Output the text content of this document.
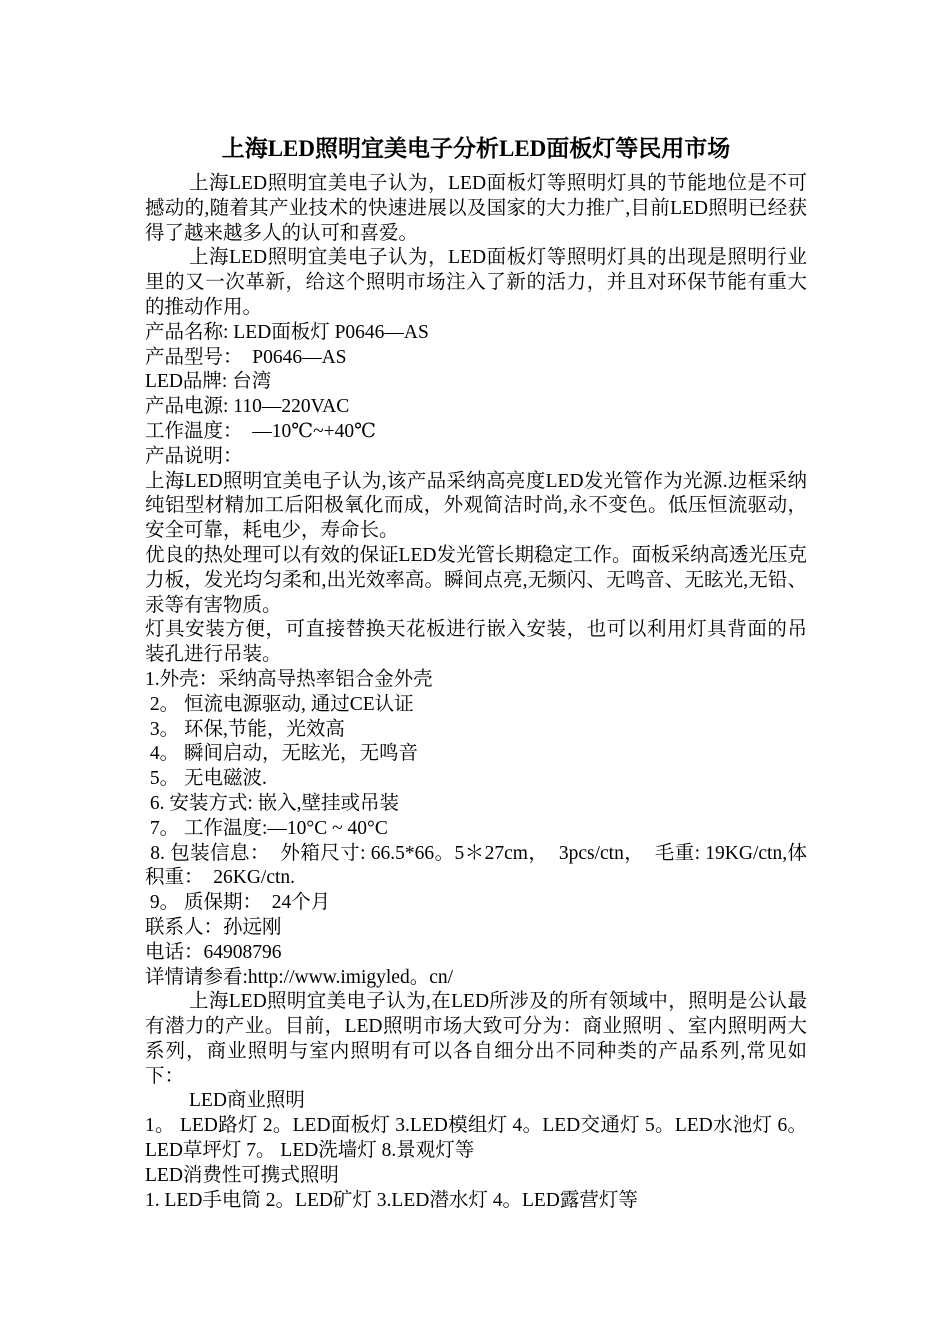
上海LED照明宜美电子分析LED面板灯等民用市场

上海LED照明宜美电子认为，LED面板灯等照明灯具的节能地位是不可撼动的,随着其产业技术的快速进展以及国家的大力推广,目前LED照明已经获得了越来越多人的认可和喜爱。

上海LED照明宜美电子认为，LED面板灯等照明灯具的出现是照明行业里的又一次革新，给这个照明市场注入了新的活力，并且对环保节能有重大的推动作用。

产品名称: LED面板灯 P0646—AS

产品型号：  P0646—AS

LED品牌: 台湾

产品电源: 110—220VAC

工作温度：  —10℃~+40℃

产品说明：

上海LED照明宜美电子认为,该产品采纳高亮度LED发光管作为光源.边框采纳纯铝型材精加工后阳极氧化而成，外观简洁时尚,永不变色。低压恒流驱动，安全可靠，耗电少，寿命长。

优良的热处理可以有效的保证LED发光管长期稳定工作。面板采纳高透光压克力板，发光均匀柔和,出光效率高。瞬间点亮,无频闪、无鸣音、无眩光,无铅、汞等有害物质。

灯具安装方便，可直接替换天花板进行嵌入安装，也可以利用灯具背面的吊装孔进行吊装。

1.外壳：采纳高导热率铝合金外壳

2。 恒流电源驱动, 通过CE认证

3。 环保,节能，光效高

4。 瞬间启动，无眩光，无鸣音

5。 无电磁波.

6. 安装方式: 嵌入,壁挂或吊装

7。 工作温度:—10°C ~ 40°C

8. 包装信息：  外箱尺寸: 66.5*66。5＊27cm，  3pcs/ctn，  毛重: 19KG/ctn,体积重：  26KG/ctn.

9。 质保期：  24个月

联系人：孙远刚

电话：64908796

详情请参看:http://www.imigyled。cn/

上海LED照明宜美电子认为,在LED所涉及的所有领域中，照明是公认最有潜力的产业。目前，LED照明市场大致可分为：商业照明 、室内照明两大系列，商业照明与室内照明有可以各自细分出不同种类的产品系列,常见如下：

LED商业照明

1。 LED路灯 2。LED面板灯 3.LED模组灯 4。LED交通灯 5。LED水池灯 6。LED草坪灯 7。 LED洗墙灯 8.景观灯等

LED消费性可携式照明

1. LED手电筒 2。LED矿灯 3.LED潜水灯 4。LED露营灯等
